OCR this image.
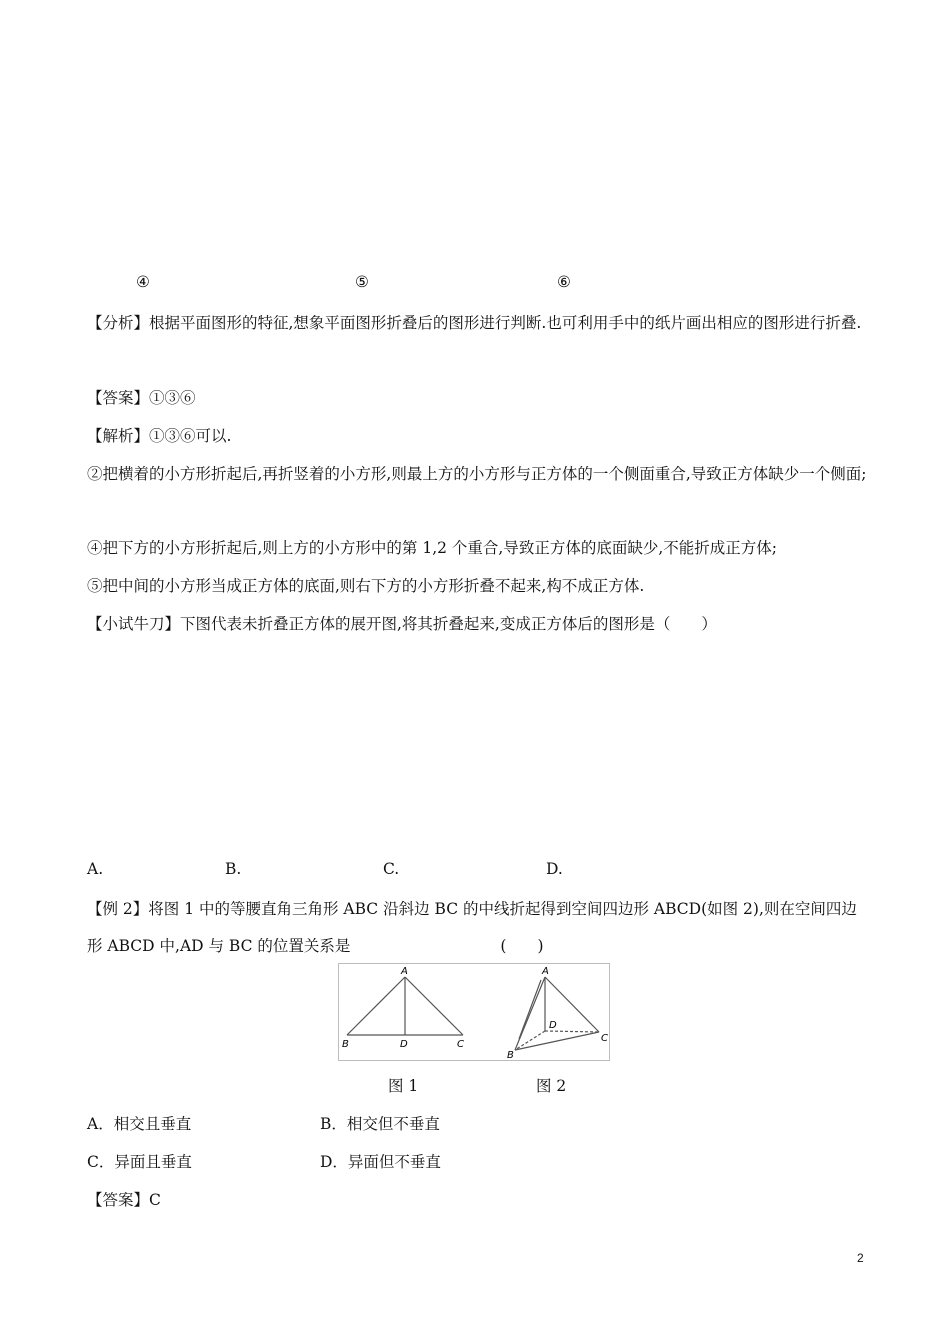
④	⑤	⑥
【分析】根据平面图形的特征,想象平面图形折叠后的图形进行判断.也可利用手中的纸片画出相应的图形进行折叠.
【答案】①③⑥
【解析】①③⑥可以.
②把横着的小方形折起后,再折竖着的小方形,则最上方的小方形与正方体的一个侧面重合,导致正方体缺少一个侧面;
④把下方的小方形折起后,则上方的小方形中的第 1,2 个重合,导致正方体的底面缺少,不能折成正方体;
⑤把中间的小方形当成正方体的底面,则右下方的小方形折叠不起来,构不成正方体.
【小试牛刀】下图代表未折叠正方体的展开图,将其折叠起来,变成正方体后的图形是（　　）
A.	B.	C.	D.
【例 2】将图 1 中的等腰直角三角形 ABC 沿斜边 BC 的中线折起得到空间四边形 ABCD(如图 2),则在空间四边形 ABCD 中,AD 与 BC 的位置关系是	(　　)
A
B	C
D
A
B
C
D
图 1	图 2
A．相交且垂直	B．相交但不垂直
C．异面且垂直	D．异面但不垂直
【答案】C
2
